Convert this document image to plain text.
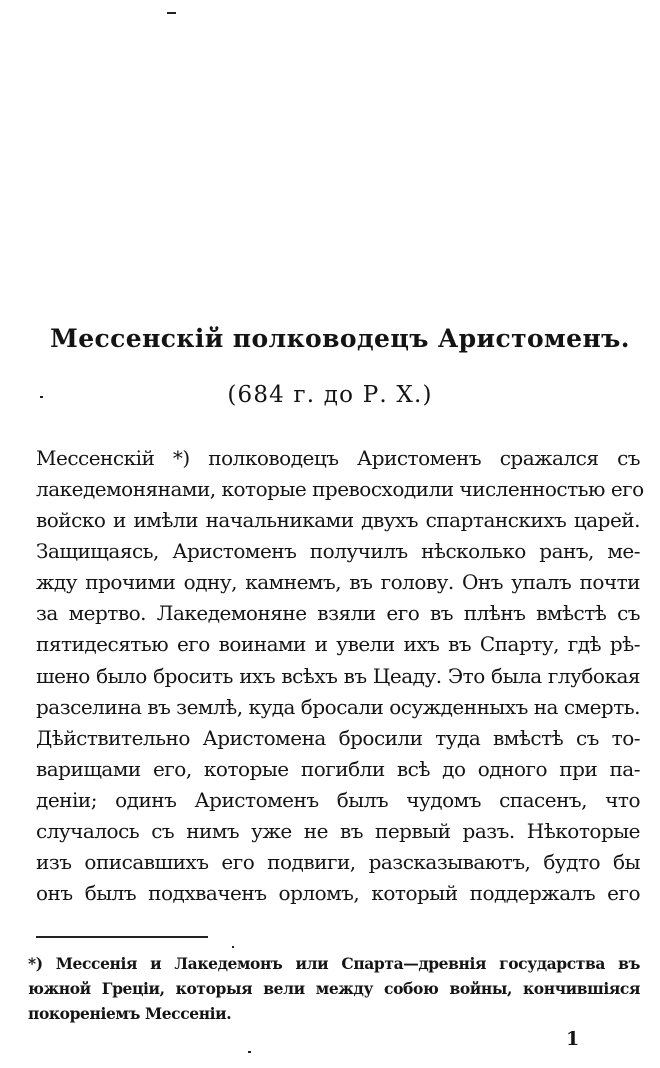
Мессенскій полководецъ Аристоменъ.
(684 г. до Р. Х.)
Мессенскій *) полководецъ Аристоменъ сражался съ
лакедемонянами, которые превосходили численностью его
войско и имѣли начальниками двухъ спартанскихъ царей.
Защищаясь, Аристоменъ получилъ нѣсколько ранъ, ме-
жду прочими одну, камнемъ, въ голову. Онъ упалъ почти
за мертво. Лакедемоняне взяли его въ плѣнъ вмѣстѣ съ
пятидесятью его воинами и увели ихъ въ Спарту, гдѣ рѣ-
шено было бросить ихъ всѣхъ въ Цеаду. Это была глубокая
разселина въ землѣ, куда бросали осужденныхъ на смерть.
Дѣйствительно Аристомена бросили туда вмѣстѣ съ то-
варищами его, которые погибли всѣ до одного при па-
деніи; одинъ Аристоменъ былъ чудомъ спасенъ, что
случалось съ нимъ уже не въ первый разъ. Нѣкоторые
изъ описавшихъ его подвиги, разсказываютъ, будто бы
онъ былъ подхваченъ орломъ, который поддержалъ его
*) Мессенія и Лакедемонъ или Спарта—древнія государства въ
южной Греціи, которыя вели между собою войны, кончившіяся
покореніемъ Мессеніи.
1
